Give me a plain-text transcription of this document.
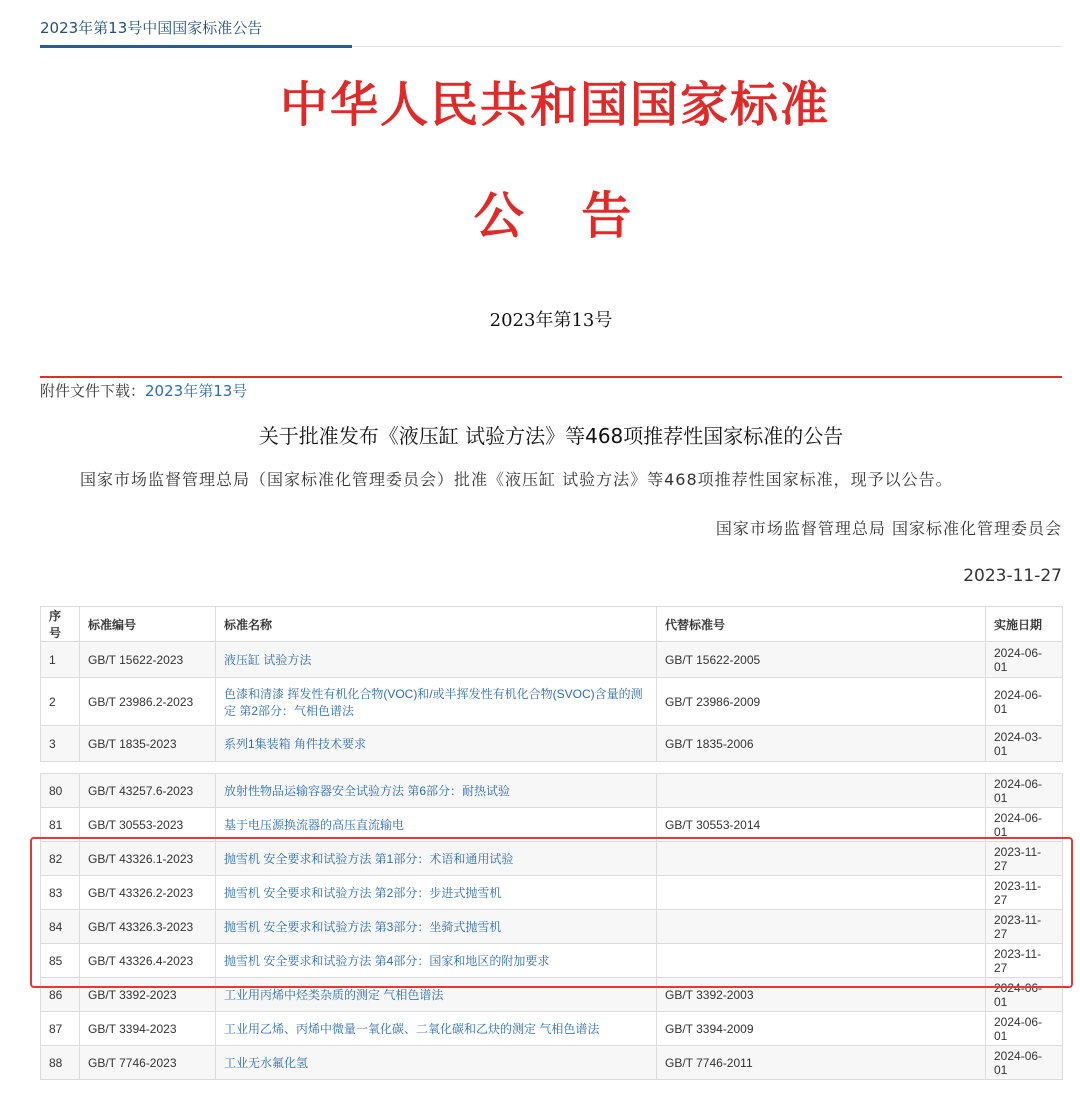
2023年第13号中国国家标准公告
中华人民共和国国家标准
公 告
2023年第13号
附件文件下载：2023年第13号
关于批准发布《液压缸 试验方法》等468项推荐性国家标准的公告
国家市场监督管理总局（国家标准化管理委员会）批准《液压缸 试验方法》等468项推荐性国家标准，现予以公告。
国家市场监督管理总局 国家标准化管理委员会
2023-11-27
序号	标准编号	标准名称	代替标准号	实施日期
1	GB/T 15622-2023	液压缸 试验方法	GB/T 15622-2005	2024-06-01
2	GB/T 23986.2-2023	色漆和清漆 挥发性有机化合物(VOC)和/或半挥发性有机化合物(SVOC)含量的测定 第2部分：气相色谱法	GB/T 23986-2009	2024-06-01
3	GB/T 1835-2023	系列1集装箱 角件技术要求	GB/T 1835-2006	2024-03-01
80	GB/T 43257.6-2023	放射性物品运输容器安全试验方法 第6部分：耐热试验		2024-06-01
81	GB/T 30553-2023	基于电压源换流器的高压直流输电	GB/T 30553-2014	2024-06-01
82	GB/T 43326.1-2023	抛雪机 安全要求和试验方法 第1部分：术语和通用试验		2023-11-27
83	GB/T 43326.2-2023	抛雪机 安全要求和试验方法 第2部分：步进式抛雪机		2023-11-27
84	GB/T 43326.3-2023	抛雪机 安全要求和试验方法 第3部分：坐骑式抛雪机		2023-11-27
85	GB/T 43326.4-2023	抛雪机 安全要求和试验方法 第4部分：国家和地区的附加要求		2023-11-27
86	GB/T 3392-2023	工业用丙烯中烃类杂质的测定 气相色谱法	GB/T 3392-2003	2024-06-01
87	GB/T 3394-2023	工业用乙烯、丙烯中微量一氧化碳、二氧化碳和乙炔的测定 气相色谱法	GB/T 3394-2009	2024-06-01
88	GB/T 7746-2023	工业无水氟化氢	GB/T 7746-2011	2024-06-01
